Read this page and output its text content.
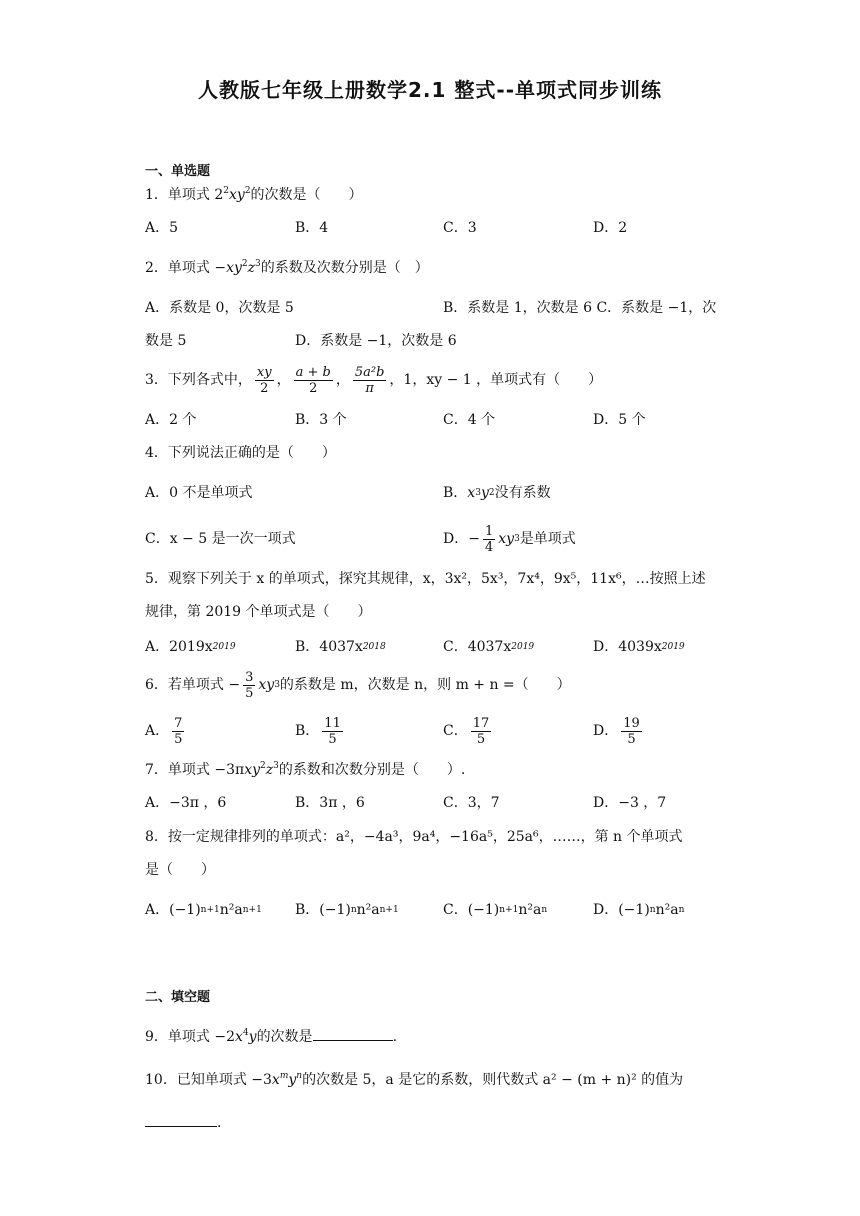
人教版七年级上册数学2.1 整式--单项式同步训练
一、单选题
1．单项式 $2^2xy^2$的次数是（　　）
A．5	B．4	C．3	D．2
2．单项式 $-xy^2z^3$的系数及次数分别是（　）
A．系数是 0，次数是 5	B．系数是 1，次数是 6 C．系数是 −1，次
数是 5	D．系数是 −1，次数是 6
3．下列各式中， $\frac{xy}{2}$ ， $\frac{a + b}{2}$ ， $\frac{\text{5a²b}}{\pi}$ ，1，xy − 1 ，单项式有（　　）
A．2 个	B．3 个	C．4 个	D．5 个
4．下列说法正确的是（　　）
A．0 不是单项式	B． x 3 y 2 没有系数
C．x − 5 是一次一项式	D．− $\frac{1}{4}$ xy 3 是单项式
5．观察下列关于 x 的单项式，探究其规律，x，3x²，5x³，7x⁴，9x⁵，11x⁶，…按照上述
规律，第 2019 个单项式是（　　）
A．2019x 2019	B．4037x 2018	C．4037x 2019	D．4039x 2019
6．若单项式 − $\frac{3}{5}$ xy 3 的系数是 m，次数是 n，则 m + n =（　　）
A． $\frac{7}{5}$	B． $\frac{11}{5}$	C． $\frac{17}{5}$	D． $\frac{19}{5}$
7．单项式 $-3\pi xy^2z^3$的系数和次数分别是（　　）.
A．−3π ，6	B．3π ，6	C．3，7	D．−3 ，7
8．按一定规律排列的单项式：a²，−4a³，9a⁴，−16a⁵，25a⁶，……，第 n 个单项式
是（　　）
A．(−1) n+1 n²a n+1 B．(−1) n n²a n+1	C．(−1) n+1 n²a n	D．(−1) n n²a n
二、填空题
9．单项式 $-2x^4y$的次数是	.
10．已知单项式 $-3x^my^n$的次数是 5，a 是它的系数，则代数式 a² − (m + n)² 的值为
.
